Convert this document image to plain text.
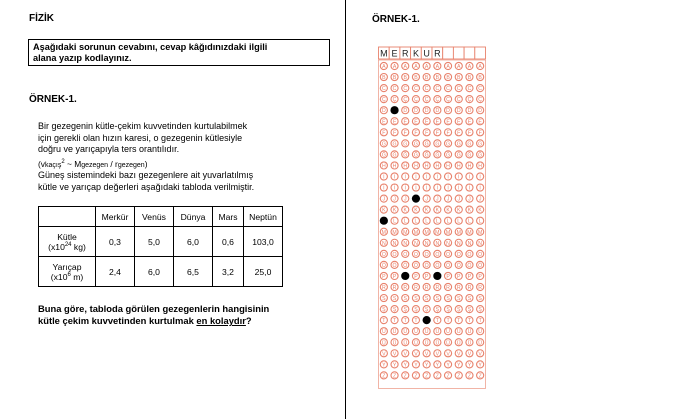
FİZİK

Aşağıdaki sorunun cevabını, cevap kâğıdınızdaki ilgili
alana yazıp kodlayınız.

ÖRNEK-1.

Bir gezegenin kütle-çekim kuvvetinden kurtulabilmek
için gerekli olan hızın karesi, o gezegenin kütlesiyle
doğru ve yarıçapıyla ters orantılıdır.
(vkaçış$^2$ ~ Mgezegen / rgezegen)
Güneş sistemindeki bazı gezegenlere ait yuvarlatılmış
kütle ve yarıçap değerleri aşağıdaki tabloda verilmiştir.
	Merkür	Venüs	Dünya	Mars	Neptün

Kütle
($x10^{24}$ kg)	0,3	5,0	6,0	0,6	103,0

Yarıçap
($x10^6$ m)	2,4	6,0	6,5	3,2	25,0
Buna göre, tabloda görülen gezegenlerin hangisinin
kütle çekim kuvvetinden kurtulmak en kolaydır?

ÖRNEK-1.

M E R K U R
A
B
C
Ç
D
E
F
G
Ğ
H
I
İ
J
K
M
N
O
Ö
P
R
S
Ş
T
U
Ü
V
Y
Z
A
B
C
Ç
E
F
G
Ğ
H
I
İ
J
K
L
M
N
O
Ö
P
R
S
Ş
T
U
Ü
V
Y
Z
A
B
C
Ç
D
E
F
G
Ğ
H
I
İ
J
K
L
M
N
O
Ö
R
S
Ş
T
U
Ü
V
Y
Z
A
B
C
Ç
D
E
F
G
Ğ
H
I
İ
K
L
M
N
O
Ö
P
R
S
Ş
T
U
Ü
V
Y
Z
A
B
C
Ç
D
E
F
G
Ğ
H
I
İ
J
K
L
M
N
O
Ö
P
R
S
Ş
U
Ü
V
Y
Z
A
B
C
Ç
D
E
F
G
Ğ
H
I
İ
J
K
L
M
N
O
Ö
R
S
Ş
T
U
Ü
V
Y
Z
A
B
C
Ç
D
E
F
G
Ğ
H
I
İ
J
K
L
M
N
O
Ö
P
R
S
Ş
T
U
Ü
V
Y
Z
A
B
C
Ç
D
E
F
G
Ğ
H
I
İ
J
K
L
M
N
O
Ö
P
R
S
Ş
T
U
Ü
V
Y
Z
A
B
C
Ç
D
E
F
G
Ğ
H
I
İ
J
K
L
M
N
O
Ö
P
R
S
Ş
T
U
Ü
V
Y
Z
A
B
C
Ç
D
E
F
G
Ğ
H
I
İ
J
K
L
M
N
O
Ö
P
R
S
Ş
T
U
Ü
V
Y
Z
